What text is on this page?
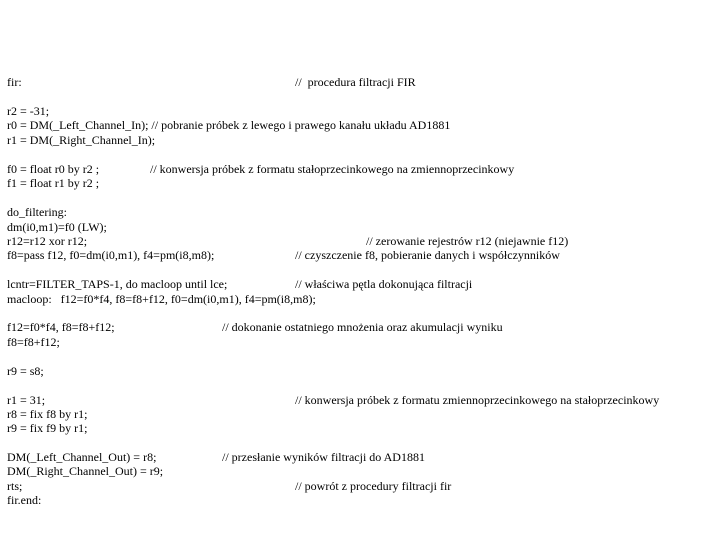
fir:	//  procedura filtracji FIR
r2 = -31;
r0 = DM(_Left_Channel_In); // pobranie próbek z lewego i prawego kanału układu AD1881
r1 = DM(_Right_Channel_In);
f0 = float r0 by r2 ;	// konwersja próbek z formatu stałoprzecinkowego na zmiennoprzecinkowy
f1 = float r1 by r2 ;
do_filtering:
dm(i0,m1)=f0 (LW);
r12=r12 xor r12;	// zerowanie rejestrów r12 (niejawnie f12)
f8=pass f12, f0=dm(i0,m1), f4=pm(i8,m8);	// czyszczenie f8, pobieranie danych i współczynników
lcntr=FILTER_TAPS-1, do macloop until lce;	// właściwa pętla dokonująca filtracji
macloop:   f12=f0*f4, f8=f8+f12, f0=dm(i0,m1), f4=pm(i8,m8);
f12=f0*f4, f8=f8+f12;	// dokonanie ostatniego mnożenia oraz akumulacji wyniku
f8=f8+f12;
r9 = s8;
r1 = 31;	// konwersja próbek z formatu zmiennoprzecinkowego na stałoprzecinkowy
r8 = fix f8 by r1;
r9 = fix f9 by r1;
DM(_Left_Channel_Out) = r8;	// przesłanie wyników filtracji do AD1881
DM(_Right_Channel_Out) = r9;
rts;	// powrót z procedury filtracji fir
fir.end:
